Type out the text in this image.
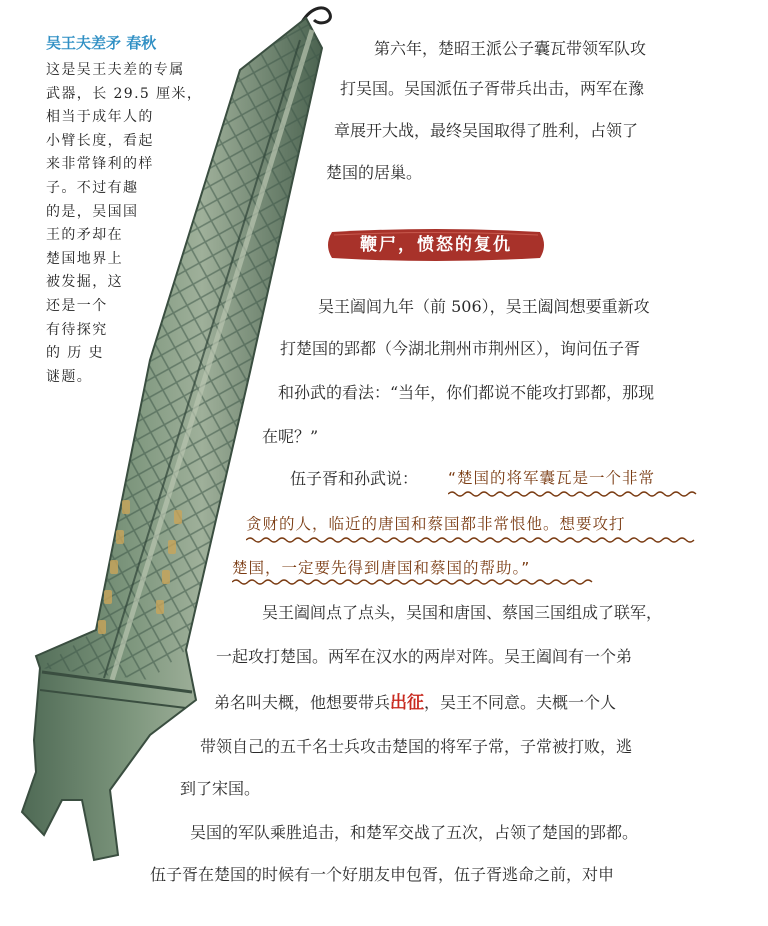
吴王夫差矛 春秋
这是吴王夫差的专属
武器，长 29.5 厘米，
相当于成年人的
小臂长度，看起
来非常锋利的样
子。不过有趣
的是，吴国国
王的矛却在
楚国地界上
被发掘，这
还是一个
有待探究
的 历 史
谜题。
第六年，楚昭王派公子囊瓦带领军队攻
打吴国。吴国派伍子胥带兵出击，两军在豫
章展开大战，最终吴国取得了胜利，占领了
楚国的居巢。
鞭尸，愤怒的复仇
吴王阖闾九年（前 506），吴王阖闾想要重新攻
打楚国的郢都（今湖北荆州市荆州区），询问伍子胥
和孙武的看法：“当年，你们都说不能攻打郢都，那现
在呢？”
伍子胥和孙武说： “楚国的将军囊瓦是一个非常
贪财的人，临近的唐国和蔡国都非常恨他。想要攻打
楚国，一定要先得到唐国和蔡国的帮助。”
吴王阖闾点了点头，吴国和唐国、蔡国三国组成了联军，
一起攻打楚国。两军在汉水的两岸对阵。吴王阖闾有一个弟
弟名叫夫概，他想要带兵出征，吴王不同意。夫概一个人
带领自己的五千名士兵攻击楚国的将军子常，子常被打败，逃
到了宋国。
吴国的军队乘胜追击，和楚军交战了五次，占领了楚国的郢都。
伍子胥在楚国的时候有一个好朋友申包胥，伍子胥逃命之前，对申
